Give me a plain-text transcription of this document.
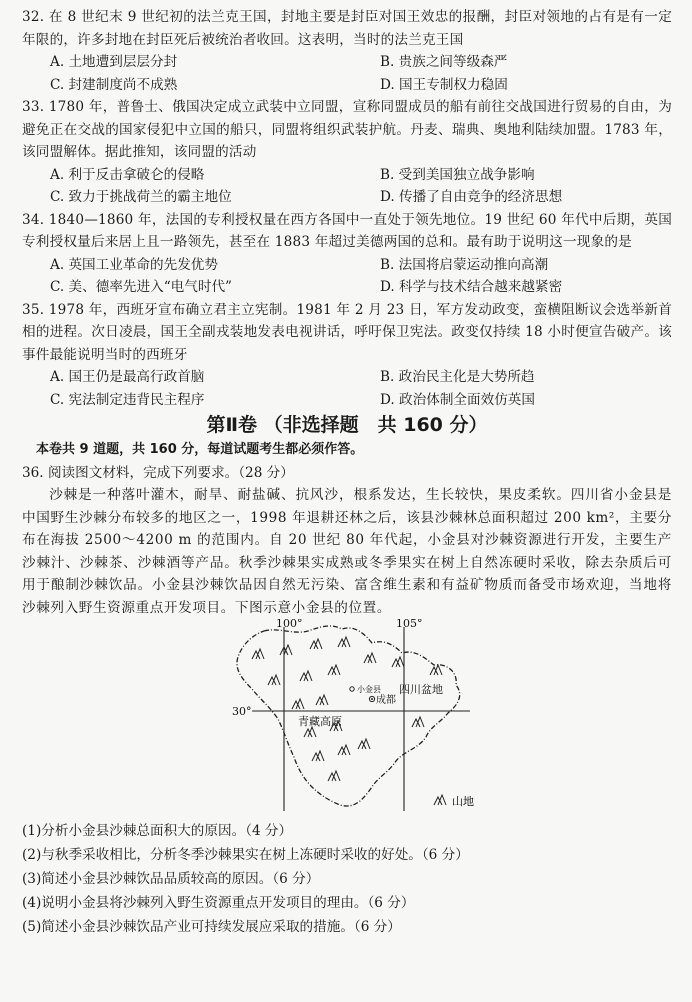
32. 在 8 世纪末 9 世纪初的法兰克王国，封地主要是封臣对国王效忠的报酬，封臣对领地的占有是有一定年限的，许多封地在封臣死后被统治者收回。这表明，当时的法兰克王国
A. 土地遭到层层分封	B. 贵族之间等级森严
C. 封建制度尚不成熟	D. 国王专制权力稳固
33. 1780 年，普鲁士、俄国决定成立武装中立同盟，宣称同盟成员的船有前往交战国进行贸易的自由，为避免正在交战的国家侵犯中立国的船只，同盟将组织武装护航。丹麦、瑞典、奥地利陆续加盟。1783 年，该同盟解体。据此推知，该同盟的活动
A. 利于反击拿破仑的侵略	B. 受到美国独立战争影响
C. 致力于挑战荷兰的霸主地位	D. 传播了自由竞争的经济思想
34. 1840—1860 年，法国的专利授权量在西方各国中一直处于领先地位。19 世纪 60 年代中后期，英国专利授权量后来居上且一路领先，甚至在 1883 年超过美德两国的总和。最有助于说明这一现象的是
A. 英国工业革命的先发优势	B. 法国将启蒙运动推向高潮
C. 美、德率先进入“电气时代”	D. 科学与技术结合越来越紧密
35. 1978 年，西班牙宣布确立君主立宪制。1981 年 2 月 23 日，军方发动政变，蛮横阻断议会选举新首相的进程。次日凌晨，国王全副戎装地发表电视讲话，呼吁保卫宪法。政变仅持续 18 小时便宣告破产。该事件最能说明当时的西班牙
A. 国王仍是最高行政首脑	B. 政治民主化是大势所趋
C. 宪法制定违背民主程序	D. 政治体制全面效仿英国
第Ⅱ卷 （非选择题　共 160 分）
本卷共 9 道题，共 160 分，每道试题考生都必须作答。
36. 阅读图文材料，完成下列要求。（28 分）
沙棘是一种落叶灌木，耐旱、耐盐碱、抗风沙，根系发达，生长较快，果皮柔软。四川省小金县是中国野生沙棘分布较多的地区之一，1998 年退耕还林之后，该县沙棘林总面积超过 200 km²，主要分布在海拔 2500～4200 m 的范围内。自 20 世纪 80 年代起，小金县对沙棘资源进行开发，主要生产沙棘汁、沙棘茶、沙棘酒等产品。秋季沙棘果实成熟或冬季果实在树上自然冻硬时采收，除去杂质后可用于酿制沙棘饮品。小金县沙棘饮品因自然无污染、富含维生素和有益矿物质而备受市场欢迎，当地将沙棘列入野生资源重点开发项目。下图示意小金县的位置。
100°	105°
30°
小金县
成都
四川盆地
青藏高原
山地
(1)分析小金县沙棘总面积大的原因。（4 分）
(2)与秋季采收相比，分析冬季沙棘果实在树上冻硬时采收的好处。（6 分）
(3)简述小金县沙棘饮品品质较高的原因。（6 分）
(4)说明小金县将沙棘列入野生资源重点开发项目的理由。（6 分）
(5)简述小金县沙棘饮品产业可持续发展应采取的措施。（6 分）
